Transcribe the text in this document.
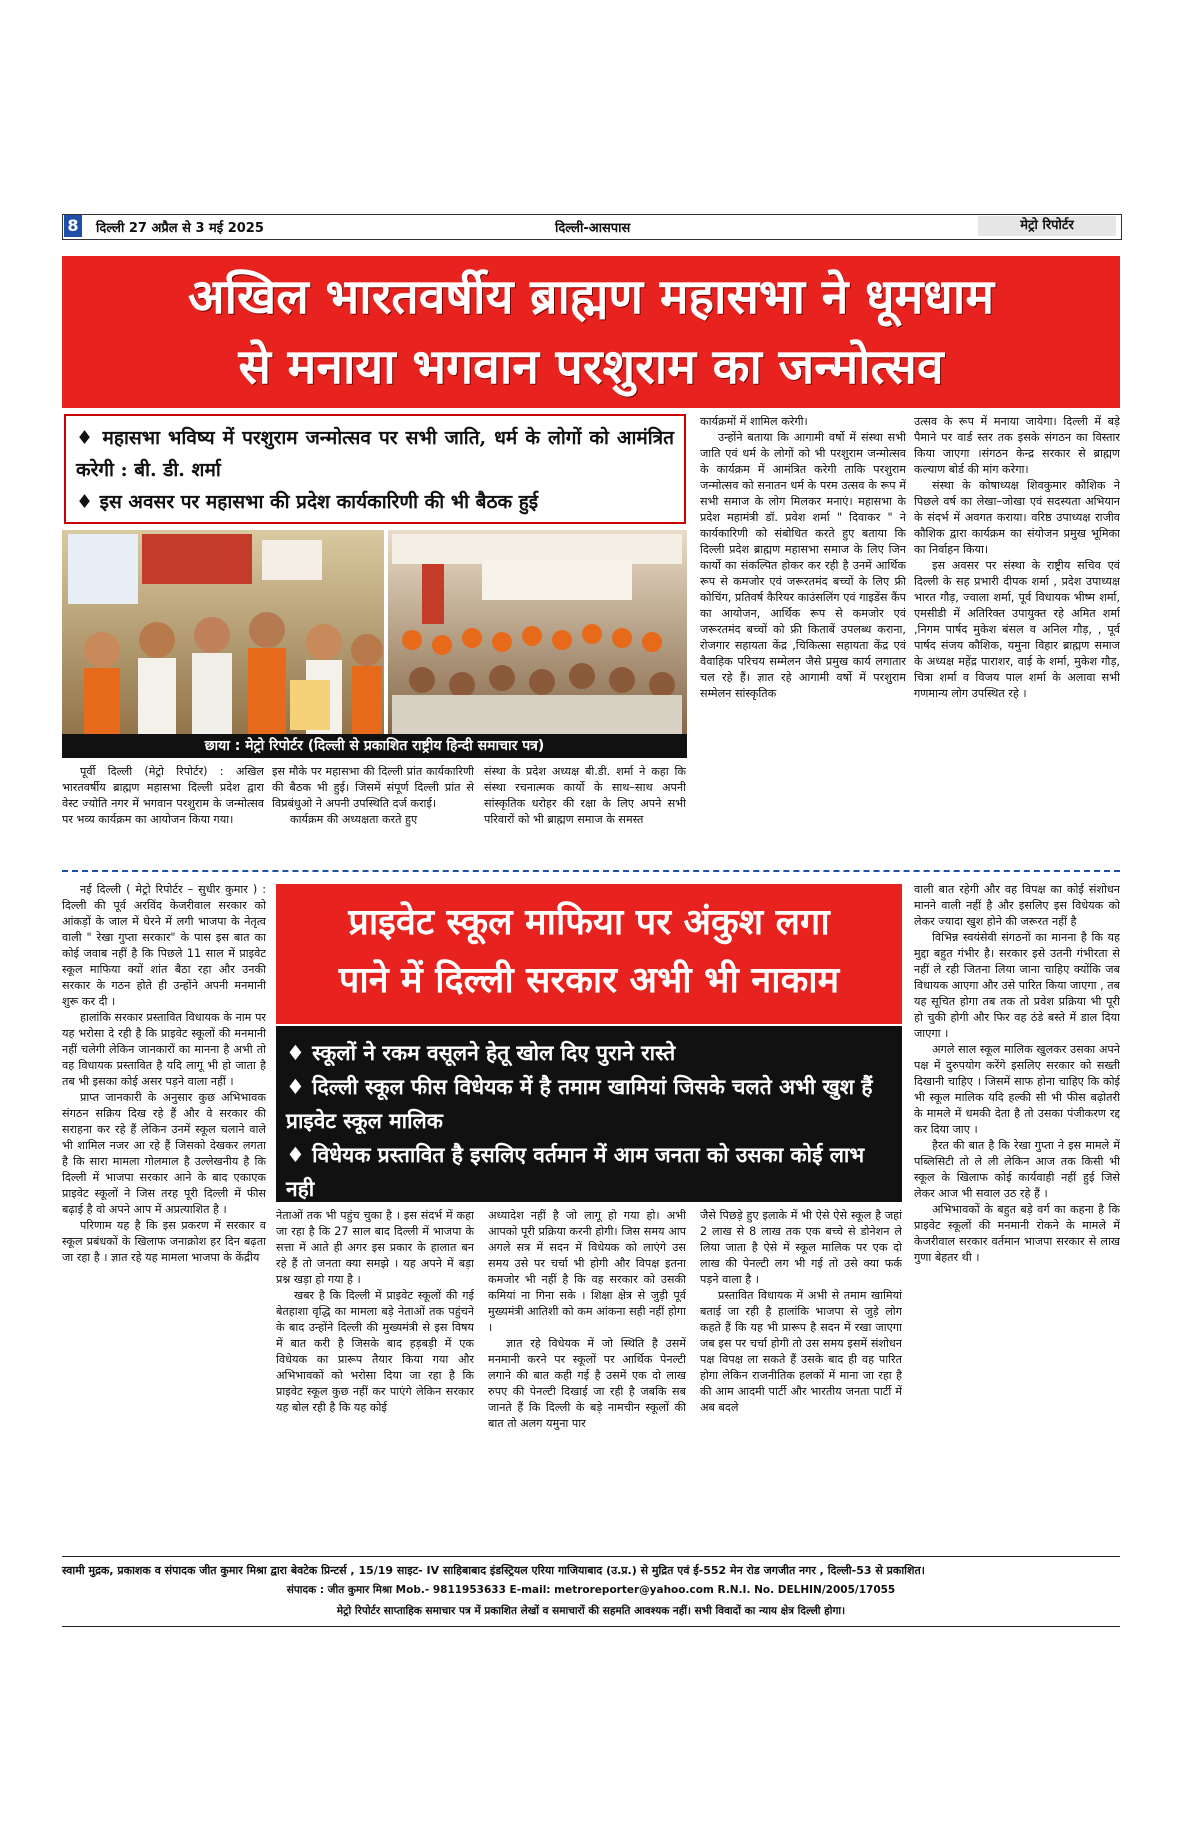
8 दिल्ली 27 अप्रैल से 3 मई 2025	दिल्ली-आसपास	मेट्रो रिपोर्टर
अखिल भारतवर्षीय ब्राह्मण महासभा ने धूमधाम
से मनाया भगवान परशुराम का जन्मोत्सव
♦ महासभा भविष्य में परशुराम जन्मोत्सव पर सभी जाति, धर्म के लोगों को आमंत्रित करेगी : बी. डी. शर्मा
♦ इस अवसर पर महासभा की प्रदेश कार्यकारिणी की भी बैठक हुई
छाया : मेट्रो रिपोर्टर (दिल्ली से प्रकाशित राष्ट्रीय हिन्दी समाचार पत्र)

पूर्वी दिल्ली (मेट्रो रिपोर्टर) : अखिल भारतवर्षीय ब्राह्मण महासभा दिल्ली प्रदेश द्वारा वेस्ट ज्योति नगर में भगवान परशुराम के जन्मोत्सव पर भव्य कार्यक्रम का आयोजन किया गया।

इस मौके पर महासभा की दिल्ली प्रांत कार्यकारिणी की बैठक भी हुई। जिसमें संपूर्ण दिल्ली प्रांत से विप्रबंधुओ ने अपनी उपस्थिति दर्ज कराई।

कार्यक्रम की अध्यक्षता करते हुए

संस्था के प्रदेश अध्यक्ष बी.डी. शर्मा ने कहा कि संस्था रचनात्मक कार्यो के साथ–साथ अपनी सांस्कृतिक धरोहर की रक्षा के लिए अपने सभी परिवारों को भी ब्राह्मण समाज के समस्त

कार्यक्रमों में शामिल करेगी।

उन्होंने बताया कि आगामी वर्षो में संस्था सभी जाति एवं धर्म के लोगों को भी परशुराम जन्मोत्सव के कार्यक्रम में आमंत्रित करेगी ताकि परशुराम जन्मोत्सव को सनातन धर्म के परम उत्सव के रूप में सभी समाज के लोग मिलकर मनाएं। महासभा के प्रदेश महामंत्री डॉ. प्रवेश शर्मा " दिवाकर " ने कार्यकारिणी को संबोधित करते हुए बताया कि दिल्ली प्रदेश ब्राह्मण महासभा समाज के लिए जिन कार्यो का संकल्पित होकर कर रही है उनमें आर्थिक रूप से कमजोर एवं जरूरतमंद बच्चों के लिए फ्री कोचिंग, प्रतिवर्ष कैरियर काउंसलिंग एवं गाइडेंस कैंप का आयोजन, आर्थिक रूप से कमजोर एवं जरूरतमंद बच्चों को फ्री किताबें उपलब्ध कराना, रोजगार सहायता केंद्र ,चिकित्सा सहायता केंद्र एवं वैवाहिक परिचय सम्मेलन जैसे प्रमुख कार्य लगातार चल रहे हैं। ज्ञात रहे आगामी वर्षो में परशुराम सम्मेलन सांस्कृतिक

उत्सव के रूप में मनाया जायेगा। दिल्ली में बड़े पैमाने पर वार्ड स्तर तक इसके संगठन का विस्तार किया जाएगा ।संगठन केन्द्र सरकार से ब्राह्मण कल्याण बोर्ड की मांग करेगा।

संस्था के कोषाध्यक्ष शिवकुमार कौशिक ने पिछले वर्ष का लेखा–जोखा एवं सदस्यता अभियान के संदर्भ में अवगत कराया। वरिष्ठ उपाध्यक्ष राजीव कौशिक द्वारा कार्यक्रम का संयोजन प्रमुख भूमिका का निर्वाहन किया।

इस अवसर पर संस्था के राष्ट्रीय सचिव एवं दिल्ली के सह प्रभारी दीपक शर्मा , प्रदेश उपाध्यक्ष भारत गौड़, ज्वाला शर्मा, पूर्व विधायक भीष्म शर्मा, एमसीडी में अतिरिक्त उपायुक्त रहे अमित शर्मा ,निगम पार्षद मुकेश बंसल व अनिल गौड़, , पूर्व पार्षद संजय कौशिक, यमुना विहार ब्राह्मण समाज के अध्यक्ष महेंद्र पाराशर, वाई के शर्मा, मुकेश गौड़, चित्रा शर्मा व विजय पाल शर्मा के अलावा सभी गणमान्य लोग उपस्थित रहे ।

प्राइवेट स्कूल माफिया पर अंकुश लगा
पाने में दिल्ली सरकार अभी भी नाकाम
♦ स्कूलों ने रकम वसूलने हेतू खोल दिए पुराने रास्ते
♦ दिल्ली स्कूल फीस विधेयक में है तमाम खामियां जिसके चलते अभी खुश हैं प्राइवेट स्कूल मालिक
♦ विधेयक प्रस्तावित है इसलिए वर्तमान में आम जनता को उसका कोई लाभ नही

नई दिल्ली ( मेट्रो रिपोर्टर – सुधीर कुमार ) : दिल्ली की पूर्व अरविंद केजरीवाल सरकार को आंकड़ों के जाल में घेरने में लगी भाजपा के नेतृत्व वाली " रेखा गुप्ता सरकार" के पास इस बात का कोई जवाब नहीं है कि पिछले 11 साल में प्राइवेट स्कूल माफिया क्यों शांत बैठा रहा और उनकी सरकार के गठन होते ही उन्होंने अपनी मनमानी शुरू कर दी ।

हालांकि सरकार प्रस्तावित विधायक के नाम पर यह भरोसा दे रही है कि प्राइवेट स्कूलों की मनमानी नहीं चलेगी लेकिन जानकारों का मानना है अभी तो वह विधायक प्रस्तावित है यदि लागू भी हो जाता है तब भी इसका कोई असर पड़ने वाला नहीं ।

प्राप्त जानकारी के अनुसार कुछ अभिभावक संगठन सक्रिय दिख रहे हैं और वे सरकार की सराहना कर रहे हैं लेकिन उनमें स्कूल चलाने वाले भी शामिल नजर आ रहे हैं जिसको देखकर लगता है कि सारा मामला गोलमाल है उल्लेखनीय है कि दिल्ली में भाजपा सरकार आने के बाद एकाएक प्राइवेट स्कूलों ने जिस तरह पूरी दिल्ली में फीस बढ़ाई है वो अपने आप में अप्रत्याशित है ।

परिणाम यह है कि इस प्रकरण में सरकार व स्कूल प्रबंधकों के खिलाफ जनाक्रोश हर दिन बढ़ता जा रहा है । ज्ञात रहे यह मामला भाजपा के केंद्रीय

नेताओं तक भी पहुंच चुका है । इस संदर्भ में कहा जा रहा है कि 27 साल बाद दिल्ली में भाजपा के सत्ता में आते ही अगर इस प्रकार के हालात बन रहे हैं तो जनता क्या समझे । यह अपने में बड़ा प्रश्न खड़ा हो गया है ।

खबर है कि दिल्ली में प्राइवेट स्कूलों की गई बेतहाशा वृद्धि का मामला बड़े नेताओं तक पहुंचने के बाद उन्होंने दिल्ली की मुख्यमंत्री से इस विषय में बात करी है जिसके बाद हड़बड़ी में एक विधेयक का प्रारूप तैयार किया गया और अभिभावकों को भरोसा दिया जा रहा है कि प्राइवेट स्कूल कुछ नहीं कर पाएंगे लेकिन सरकार यह बोल रही है कि यह कोई

अध्यादेश नहीं है जो लागू हो गया हो। अभी आपको पूरी प्रक्रिया करनी होगी। जिस समय आप अगले सत्र में सदन में विधेयक को लाएंगे उस समय उसे पर चर्चा भी होगी और विपक्ष इतना कमजोर भी नहीं है कि वह सरकार को उसकी कमियां ना गिना सके । शिक्षा क्षेत्र से जुड़ी पूर्व मुख्यमंत्री आतिशी को कम आंकना सही नहीं होगा ।

ज्ञात रहे विधेयक में जो स्थिति है उसमें मनमानी करने पर स्कूलों पर आर्थिक पेनल्टी लगाने की बात कही गई है उसमें एक दो लाख रुपए की पेनल्टी दिखाई जा रही है जबकि सब जानते हैं कि दिल्ली के बड़े नामचीन स्कूलों की बात तो अलग यमुना पार

जैसे पिछड़े हुए इलाके में भी ऐसे ऐसे स्कूल है जहां 2 लाख से 8 लाख तक एक बच्चे से डोनेशन ले लिया जाता है ऐसे में स्कूल मालिक पर एक दो लाख की पेनल्टी लग भी गई तो उसे क्या फर्क पड़ने वाला है ।

प्रस्तावित विधायक में अभी से तमाम खामियां बताई जा रही है हालांकि भाजपा से जुड़े लोग कहते हैं कि यह भी प्रारूप है सदन में रखा जाएगा जब इस पर चर्चा होगी तो उस समय इसमें संशोधन पक्ष विपक्ष ला सकते हैं उसके बाद ही वह पारित होगा लेकिन राजनीतिक हलकों में माना जा रहा है की आम आदमी पार्टी और भारतीय जनता पार्टी में अब बदले

वाली बात रहेगी और वह विपक्ष का कोई संशोधन मानने वाली नहीं है और इसलिए इस विधेयक को लेकर ज्यादा खुश होने की जरूरत नहीं है

विभिन्न स्वयंसेवी संगठनों का मानना है कि यह मुद्दा बहुत गंभीर है। सरकार इसे उतनी गंभीरता से नहीं ले रही जितना लिया जाना चाहिए क्योंकि जब विधायक आएगा और उसे पारित किया जाएगा , तब यह सूचित होगा तब तक तो प्रवेश प्रक्रिया भी पूरी हो चुकी होगी और फिर वह ठंडे बस्ते में डाल दिया जाएगा ।

अगले साल स्कूल मालिक खुलकर उसका अपने पक्ष में दुरुपयोग करेंगे इसलिए सरकार को सख्ती दिखानी चाहिए । जिसमें साफ होना चाहिए कि कोई भी स्कूल मालिक यदि हल्की सी भी फीस बढ़ोतरी के मामले में धमकी देता है तो उसका पंजीकरण रद्द कर दिया जाए ।

हैरत की बात है कि रेखा गुप्ता ने इस मामले में पब्लिसिटी तो ले ली लेकिन आज तक किसी भी स्कूल के खिलाफ कोई कार्यवाही नहीं हुई जिसे लेकर आज भी सवाल उठ रहे हैं ।

अभिभावकों के बहुत बड़े वर्ग का कहना है कि प्राइवेट स्कूलों की मनमानी रोकने के मामले में केजरीवाल सरकार वर्तमान भाजपा सरकार से लाख गुणा बेहतर थी ।

स्वामी मुद्रक, प्रकाशक व संपादक जीत कुमार मिश्रा द्वारा बेवटेक प्रिन्टर्स , 15/19 साइट- IV साहिबाबाद इंडस्ट्रियल एरिया गाजियाबाद (उ.प्र.) से मुद्रित एवं ई-552 मेन रोड जगजीत नगर , दिल्ली-53 से प्रकाशित।
संपादक : जीत कुमार मिश्रा Mob.- 9811953633 E-mail: metroreporter@yahoo.com R.N.I. No. DELHIN/2005/17055
मेट्रो रिपोर्टर साप्ताहिक समाचार पत्र में प्रकाशित लेखों व समाचारों की सहमति आवश्यक नहीं। सभी विवादों का न्याय क्षेत्र दिल्ली होगा।
